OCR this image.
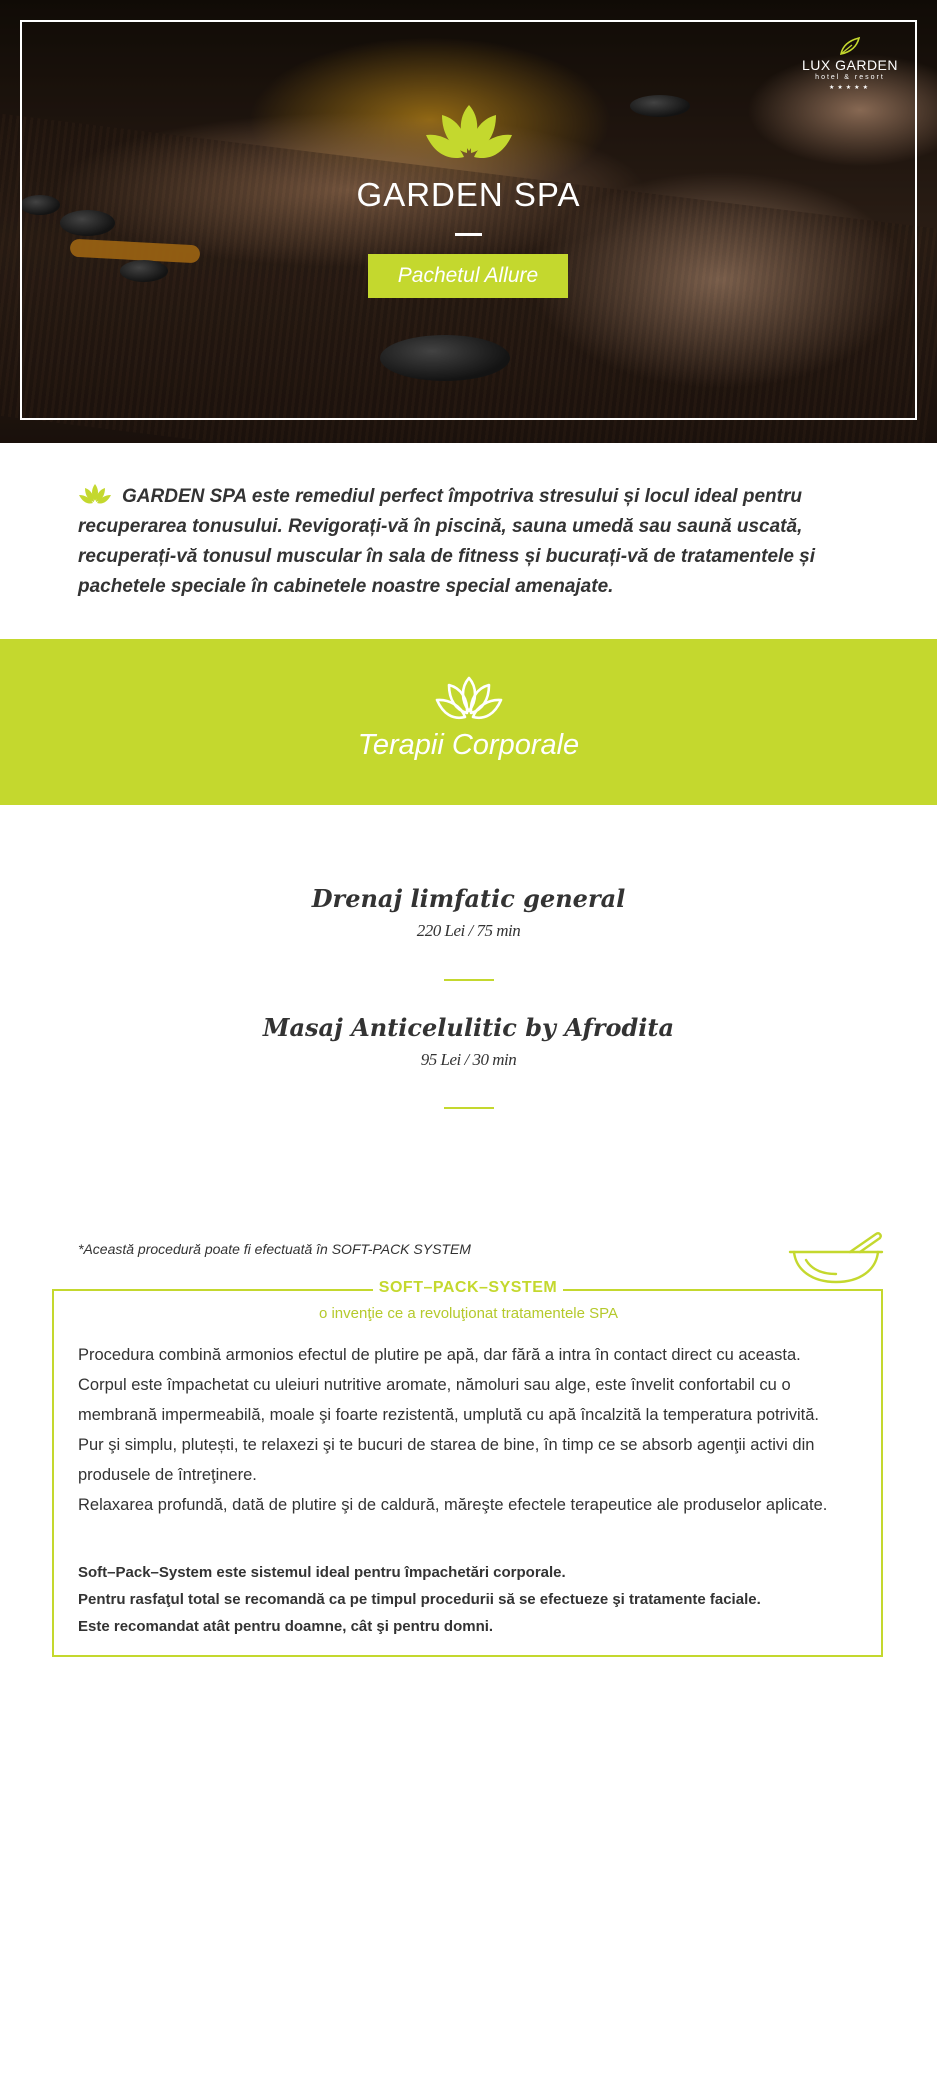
LUX GARDEN
hotel & resort
★★★★★
GARDEN SPA
Pachetul Allure
GARDEN SPA este remediul perfect împotriva stresului și locul ideal pentru recuperarea tonusului. Revigorați-vă în piscină, sauna umedă sau saună uscată, recuperați-vă tonusul muscular în sala de fitness și bucurați-vă de tratamentele și pachetele speciale în cabinetele noastre special amenajate.
Terapii Corporale
Drenaj limfatic general
220 Lei / 75 min
Masaj Anticelulitic by Afrodita
95 Lei / 30 min
*Această procedură poate fi efectuată în SOFT-PACK SYSTEM
SOFT–PACK–SYSTEM
o invenţie ce a revoluţionat tratamentele SPA

Procedura combină armonios efectul de plutire pe apă, dar fără a intra în contact direct cu aceasta.

Corpul este împachetat cu uleiuri nutritive aromate, nămoluri sau alge, este învelit confortabil cu o membrană impermeabilă, moale şi foarte rezistentă, umplută cu apă încalzită la temperatura potrivită.

Pur şi simplu, plutești, te relaxezi şi te bucuri de starea de bine, în timp ce se absorb agenţii activi din produsele de întreţinere.

Relaxarea profundă, dată de plutire şi de caldură, măreşte efectele terapeutice ale produselor aplicate.

Soft–Pack–System este sistemul ideal pentru împachetări corporale.

Pentru rasfaţul total se recomandă ca pe timpul procedurii să se efectueze şi tratamente faciale.

Este recomandat atât pentru doamne, cât şi pentru domni.
